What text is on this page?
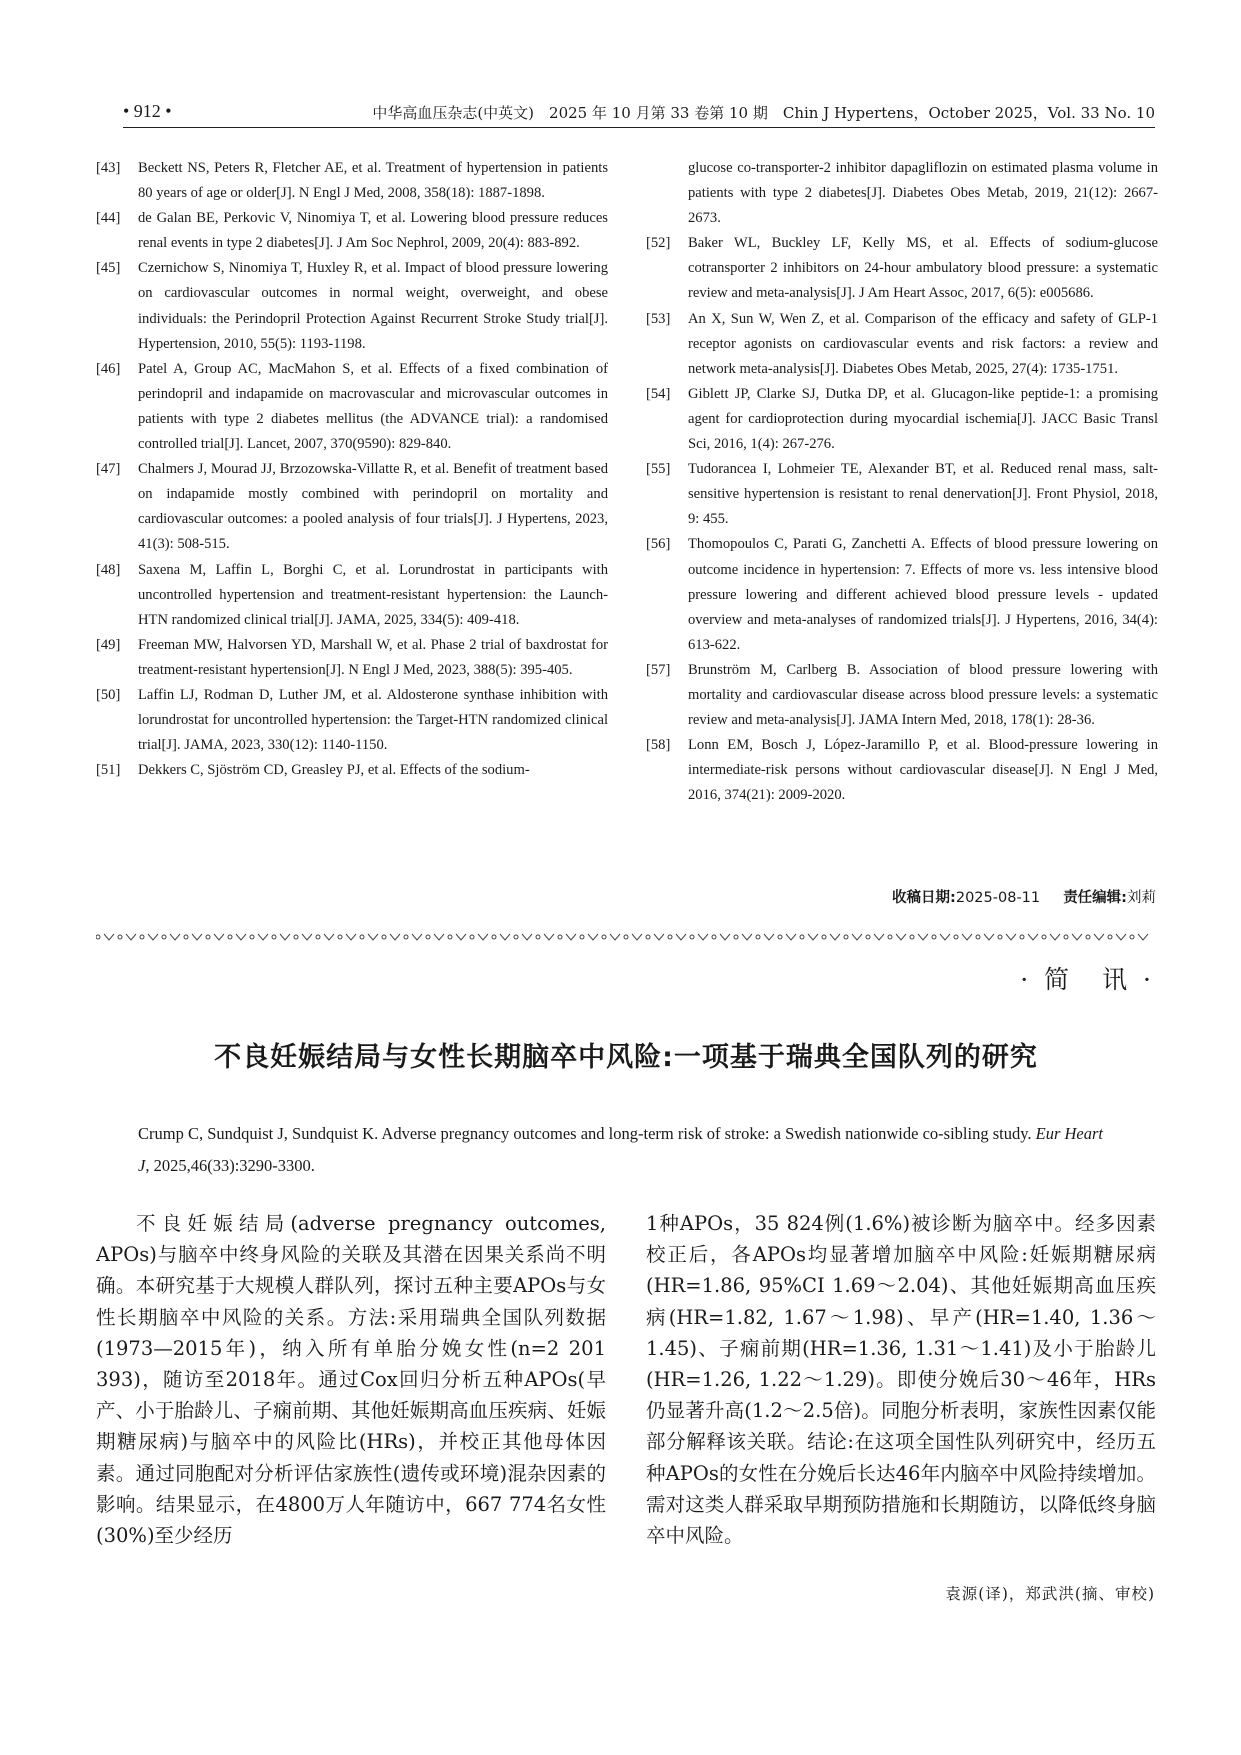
• 912 •	中华高血压杂志(中英文)　2025 年 10 月第 33 卷第 10 期　Chin J Hypertens，October 2025，Vol. 33 No. 10
[43]	Beckett NS, Peters R, Fletcher AE, et al. Treatment of hypertension in patients 80 years of age or older[J]. N Engl J Med, 2008, 358(18): 1887-1898.
[44]	de Galan BE, Perkovic V, Ninomiya T, et al. Lowering blood pressure reduces renal events in type 2 diabetes[J]. J Am Soc Nephrol, 2009, 20(4): 883-892.
[45]	Czernichow S, Ninomiya T, Huxley R, et al. Impact of blood pressure lowering on cardiovascular outcomes in normal weight, overweight, and obese individuals: the Perindopril Protection Against Recurrent Stroke Study trial[J]. Hypertension, 2010, 55(5): 1193-1198.
[46]	Patel A, Group AC, MacMahon S, et al. Effects of a fixed combination of perindopril and indapamide on macrovascular and microvascular outcomes in patients with type 2 diabetes mellitus (the ADVANCE trial): a randomised controlled trial[J]. Lancet, 2007, 370(9590): 829-840.
[47]	Chalmers J, Mourad JJ, Brzozowska-Villatte R, et al. Benefit of treatment based on indapamide mostly combined with perindopril on mortality and cardiovascular outcomes: a pooled analysis of four trials[J]. J Hypertens, 2023, 41(3): 508-515.
[48]	Saxena M, Laffin L, Borghi C, et al. Lorundrostat in participants with uncontrolled hypertension and treatment-resistant hypertension: the Launch-HTN randomized clinical trial[J]. JAMA, 2025, 334(5): 409-418.
[49]	Freeman MW, Halvorsen YD, Marshall W, et al. Phase 2 trial of baxdrostat for treatment-resistant hypertension[J]. N Engl J Med, 2023, 388(5): 395-405.
[50]	Laffin LJ, Rodman D, Luther JM, et al. Aldosterone synthase inhibition with lorundrostat for uncontrolled hypertension: the Target-HTN randomized clinical trial[J]. JAMA, 2023, 330(12): 1140-1150.
[51]	Dekkers C, Sjöström CD, Greasley PJ, et al. Effects of the sodium-
glucose co-transporter-2 inhibitor dapagliflozin on estimated plasma volume in patients with type 2 diabetes[J]. Diabetes Obes Metab, 2019, 21(12): 2667-2673.
[52]	Baker WL, Buckley LF, Kelly MS, et al. Effects of sodium-glucose cotransporter 2 inhibitors on 24-hour ambulatory blood pressure: a systematic review and meta-analysis[J]. J Am Heart Assoc, 2017, 6(5): e005686.
[53]	An X, Sun W, Wen Z, et al. Comparison of the efficacy and safety of GLP-1 receptor agonists on cardiovascular events and risk factors: a review and network meta-analysis[J]. Diabetes Obes Metab, 2025, 27(4): 1735-1751.
[54]	Giblett JP, Clarke SJ, Dutka DP, et al. Glucagon-like peptide-1: a promising agent for cardioprotection during myocardial ischemia[J]. JACC Basic Transl Sci, 2016, 1(4): 267-276.
[55]	Tudorancea I, Lohmeier TE, Alexander BT, et al. Reduced renal mass, salt-sensitive hypertension is resistant to renal denervation[J]. Front Physiol, 2018, 9: 455.
[56]	Thomopoulos C, Parati G, Zanchetti A. Effects of blood pressure lowering on outcome incidence in hypertension: 7. Effects of more vs. less intensive blood pressure lowering and different achieved blood pressure levels - updated overview and meta-analyses of randomized trials[J]. J Hypertens, 2016, 34(4): 613-622.
[57]	Brunström M, Carlberg B. Association of blood pressure lowering with mortality and cardiovascular disease across blood pressure levels: a systematic review and meta-analysis[J]. JAMA Intern Med, 2018, 178(1): 28-36.
[58]	Lonn EM, Bosch J, López-Jaramillo P, et al. Blood-pressure lowering in intermediate-risk persons without cardiovascular disease[J]. N Engl J Med, 2016, 374(21): 2009-2020.
收稿日期:2025-08-11 责任编辑:刘莉
· 简　讯 ·
不良妊娠结局与女性长期脑卒中风险:一项基于瑞典全国队列的研究
Crump C, Sundquist J, Sundquist K. Adverse pregnancy outcomes and long-term risk of stroke: a Swedish nationwide co-sibling study. Eur Heart J, 2025,46(33):3290-3300.
不良妊娠结局(adverse pregnancy outcomes, APOs)与脑卒中终身风险的关联及其潜在因果关系尚不明确。本研究基于大规模人群队列，探讨五种主要APOs与女性长期脑卒中风险的关系。方法:采用瑞典全国队列数据(1973—2015年)，纳入所有单胎分娩女性(n=2 201 393)，随访至2018年。通过Cox回归分析五种APOs(早产、小于胎龄儿、子痫前期、其他妊娠期高血压疾病、妊娠期糖尿病)与脑卒中的风险比(HRs)，并校正其他母体因素。通过同胞配对分析评估家族性(遗传或环境)混杂因素的影响。结果显示，在4800万人年随访中，667 774名女性(30%)至少经历
1种APOs，35 824例(1.6%)被诊断为脑卒中。经多因素校正后，各APOs均显著增加脑卒中风险:妊娠期糖尿病(HR=1.86, 95%CI 1.69～2.04)、其他妊娠期高血压疾病(HR=1.82, 1.67～1.98)、早产(HR=1.40, 1.36～1.45)、子痫前期(HR=1.36, 1.31～1.41)及小于胎龄儿(HR=1.26, 1.22～1.29)。即使分娩后30～46年，HRs仍显著升高(1.2～2.5倍)。同胞分析表明，家族性因素仅能部分解释该关联。结论:在这项全国性队列研究中，经历五种APOs的女性在分娩后长达46年内脑卒中风险持续增加。需对这类人群采取早期预防措施和长期随访，以降低终身脑卒中风险。
袁源(译)，郑武洪(摘、审校)
